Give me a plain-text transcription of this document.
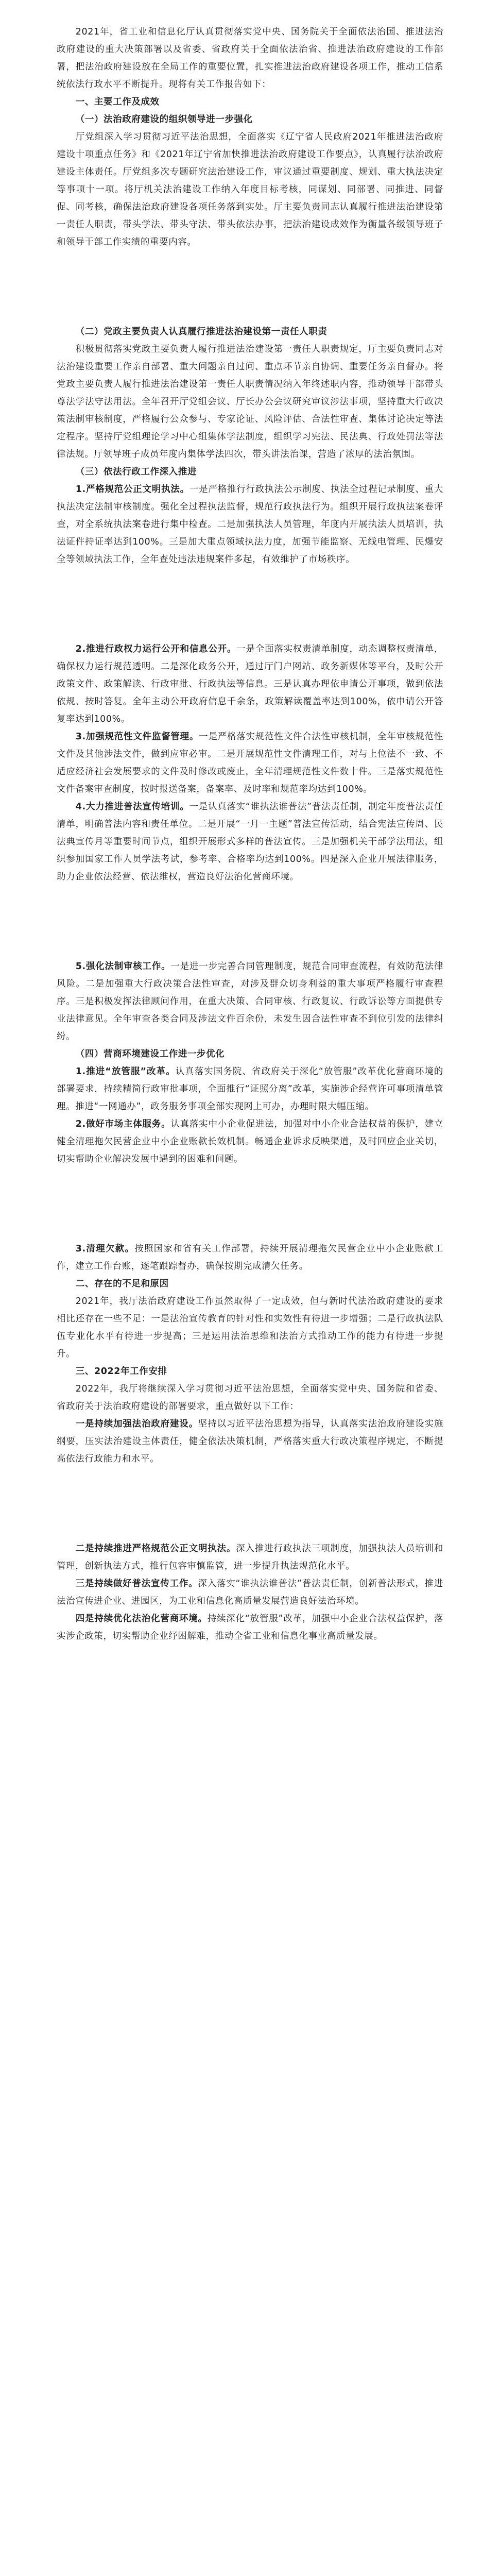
2021年，省工业和信息化厅认真贯彻落实党中央、国务院关于全面依法治国、推进法治政府建设的重大决策部署以及省委、省政府关于全面依法治省、推进法治政府建设的工作部署，把法治政府建设放在全局工作的重要位置，扎实推进法治政府建设各项工作，推动工信系统依法行政水平不断提升。现将有关工作报告如下：

一、主要工作及成效

（一）法治政府建设的组织领导进一步强化

厅党组深入学习贯彻习近平法治思想，全面落实《辽宁省人民政府2021年推进法治政府建设十项重点任务》和《2021年辽宁省加快推进法治政府建设工作要点》，认真履行法治政府建设主体责任。厅党组多次专题研究法治建设工作，审议通过重要制度、规划、重大执法决定等事项十一项。将厅机关法治建设工作纳入年度目标考核，同谋划、同部署、同推进、同督促、同考核，确保法治政府建设各项任务落到实处。厅主要负责同志认真履行推进法治建设第一责任人职责，带头学法、带头守法、带头依法办事，把法治建设成效作为衡量各级领导班子和领导干部工作实绩的重要内容。

（二）党政主要负责人认真履行推进法治建设第一责任人职责

积极贯彻落实党政主要负责人履行推进法治建设第一责任人职责规定，厅主要负责同志对法治建设重要工作亲自部署、重大问题亲自过问、重点环节亲自协调、重要任务亲自督办。将党政主要负责人履行推进法治建设第一责任人职责情况纳入年终述职内容，推动领导干部带头尊法学法守法用法。全年召开厅党组会议、厅长办公会议研究审议涉法事项，坚持重大行政决策法制审核制度，严格履行公众参与、专家论证、风险评估、合法性审查、集体讨论决定等法定程序。坚持厅党组理论学习中心组集体学法制度，组织学习宪法、民法典、行政处罚法等法律法规。厅领导班子成员年度内集体学法四次，带头讲法治课，营造了浓厚的法治氛围。

（三）依法行政工作深入推进

1.严格规范公正文明执法。一是严格推行行政执法公示制度、执法全过程记录制度、重大执法决定法制审核制度。强化全过程执法监督，规范行政执法行为。组织开展行政执法案卷评查，对全系统执法案卷进行集中检查。二是加强执法人员管理，年度内开展执法人员培训，执法证件持证率达到100%。三是加大重点领域执法力度，加强节能监察、无线电管理、民爆安全等领域执法工作，全年查处违法违规案件多起，有效维护了市场秩序。

2.推进行政权力运行公开和信息公开。一是全面落实权责清单制度，动态调整权责清单，确保权力运行规范透明。二是深化政务公开，通过厅门户网站、政务新媒体等平台，及时公开政策文件、政策解读、行政审批、行政执法等信息。三是认真办理依申请公开事项，做到依法依规、按时答复。全年主动公开政府信息千余条，政策解读覆盖率达到100%，依申请公开答复率达到100%。

3.加强规范性文件监督管理。一是严格落实规范性文件合法性审核机制，全年审核规范性文件及其他涉法文件，做到应审必审。二是开展规范性文件清理工作，对与上位法不一致、不适应经济社会发展要求的文件及时修改或废止，全年清理规范性文件数十件。三是落实规范性文件备案审查制度，按时报送备案，备案率、及时率和规范率均达到100%。

4.大力推进普法宣传培训。一是认真落实“谁执法谁普法”普法责任制，制定年度普法责任清单，明确普法内容和责任单位。二是开展“一月一主题”普法宣传活动，结合宪法宣传周、民法典宣传月等重要时间节点，组织开展形式多样的普法宣传。三是加强机关干部学法用法，组织参加国家工作人员学法考试，参考率、合格率均达到100%。四是深入企业开展法律服务，助力企业依法经营、依法维权，营造良好法治化营商环境。

5.强化法制审核工作。一是进一步完善合同管理制度，规范合同审查流程，有效防范法律风险。二是加强重大行政决策合法性审查，对涉及群众切身利益的重大事项严格履行审查程序。三是积极发挥法律顾问作用，在重大决策、合同审核、行政复议、行政诉讼等方面提供专业法律意见。全年审查各类合同及涉法文件百余份，未发生因合法性审查不到位引发的法律纠纷。

（四）营商环境建设工作进一步优化

1.推进“放管服”改革。认真落实国务院、省政府关于深化“放管服”改革优化营商环境的部署要求，持续精简行政审批事项，全面推行“证照分离”改革，实施涉企经营许可事项清单管理。推进“一网通办”，政务服务事项全部实现网上可办，办理时限大幅压缩。

2.做好市场主体服务。认真落实中小企业促进法，加强对中小企业合法权益的保护，建立健全清理拖欠民营企业中小企业账款长效机制。畅通企业诉求反映渠道，及时回应企业关切，切实帮助企业解决发展中遇到的困难和问题。

3.清理欠款。按照国家和省有关工作部署，持续开展清理拖欠民营企业中小企业账款工作，建立工作台账，逐笔跟踪督办，确保按期完成清欠任务。

二、存在的不足和原因

2021年，我厅法治政府建设工作虽然取得了一定成效，但与新时代法治政府建设的要求相比还存在一些不足：一是法治宣传教育的针对性和实效性有待进一步增强；二是行政执法队伍专业化水平有待进一步提高；三是运用法治思维和法治方式推动工作的能力有待进一步提升。

三、2022年工作安排

2022年，我厅将继续深入学习贯彻习近平法治思想，全面落实党中央、国务院和省委、省政府关于法治政府建设的部署要求，重点做好以下工作：

一是持续加强法治政府建设。坚持以习近平法治思想为指导，认真落实法治政府建设实施纲要，压实法治建设主体责任，健全依法决策机制，严格落实重大行政决策程序规定，不断提高依法行政能力和水平。

二是持续推进严格规范公正文明执法。深入推进行政执法三项制度，加强执法人员培训和管理，创新执法方式，推行包容审慎监管，进一步提升执法规范化水平。

三是持续做好普法宣传工作。深入落实“谁执法谁普法”普法责任制，创新普法形式，推进法治宣传进企业、进园区，为工业和信息化高质量发展营造良好法治环境。

四是持续优化法治化营商环境。持续深化“放管服”改革，加强中小企业合法权益保护，落实涉企政策，切实帮助企业纾困解难，推动全省工业和信息化事业高质量发展。
